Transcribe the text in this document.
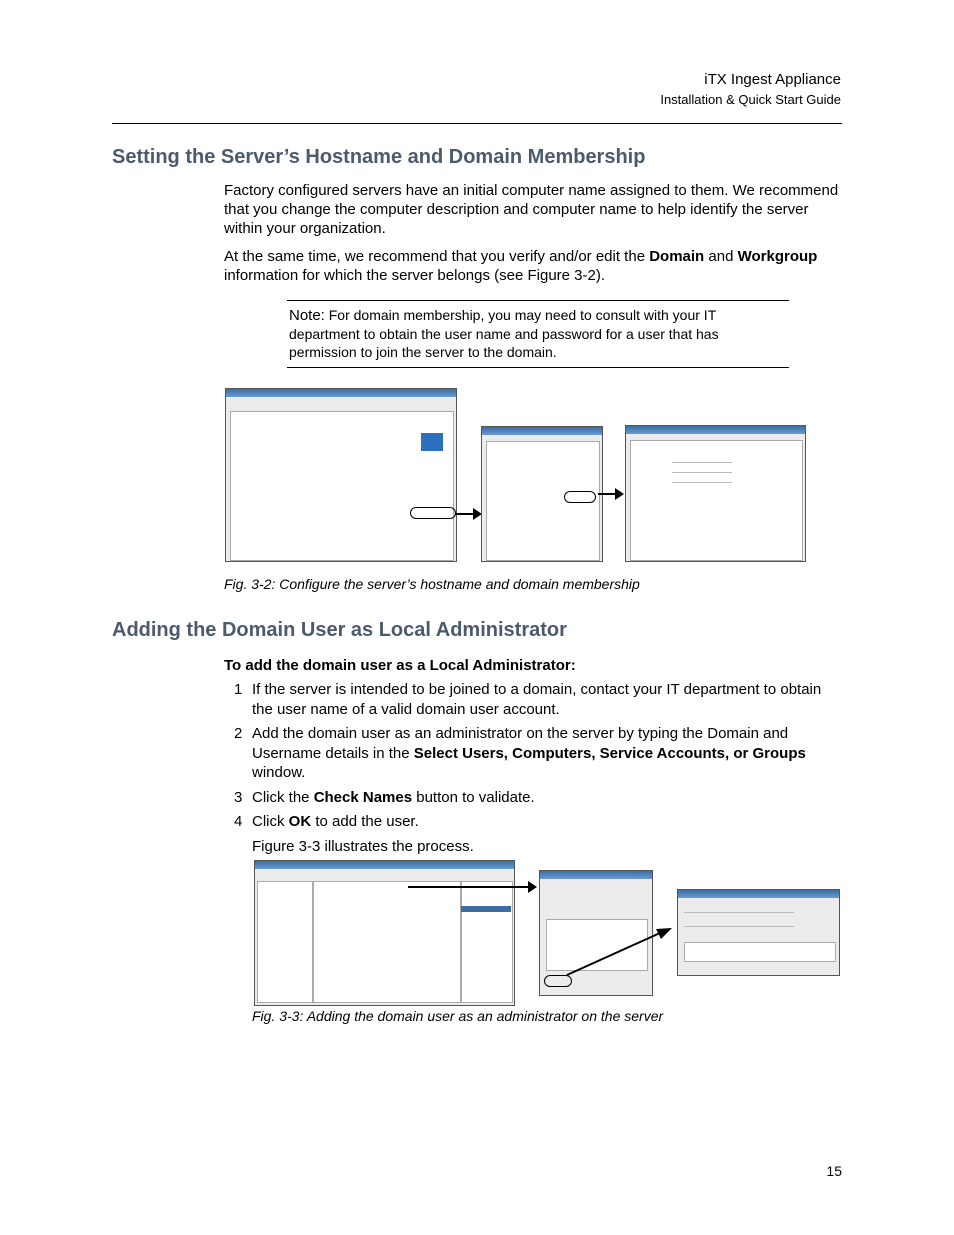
iTX Ingest Appliance
Installation & Quick Start Guide
Setting the Server’s Hostname and Domain Membership

Factory configured servers have an initial computer name assigned to them. We recommend that you change the computer description and computer name to help identify the server within your organization.

At the same time, we recommend that you verify and/or edit the Domain and Workgroup information for which the server belongs (see Figure 3-2).

Note: For domain membership, you may need to consult with your IT department to obtain the user name and password for a user that has permission to join the server to the domain.
Fig. 3-2: Configure the server’s hostname and domain membership
Adding the Domain User as Local Administrator

To add the domain user as a Local Administrator:

1 If the server is intended to be joined to a domain, contact your IT department to obtain the user name of a valid domain user account.
2 Add the domain user as an administrator on the server by typing the Domain and Username details in the Select Users, Computers, Service Accounts, or Groups window.
3 Click the Check Names button to validate.
4 Click OK to add the user.
Figure 3-3 illustrates the process.
Fig. 3-3: Adding the domain user as an administrator on the server
15
